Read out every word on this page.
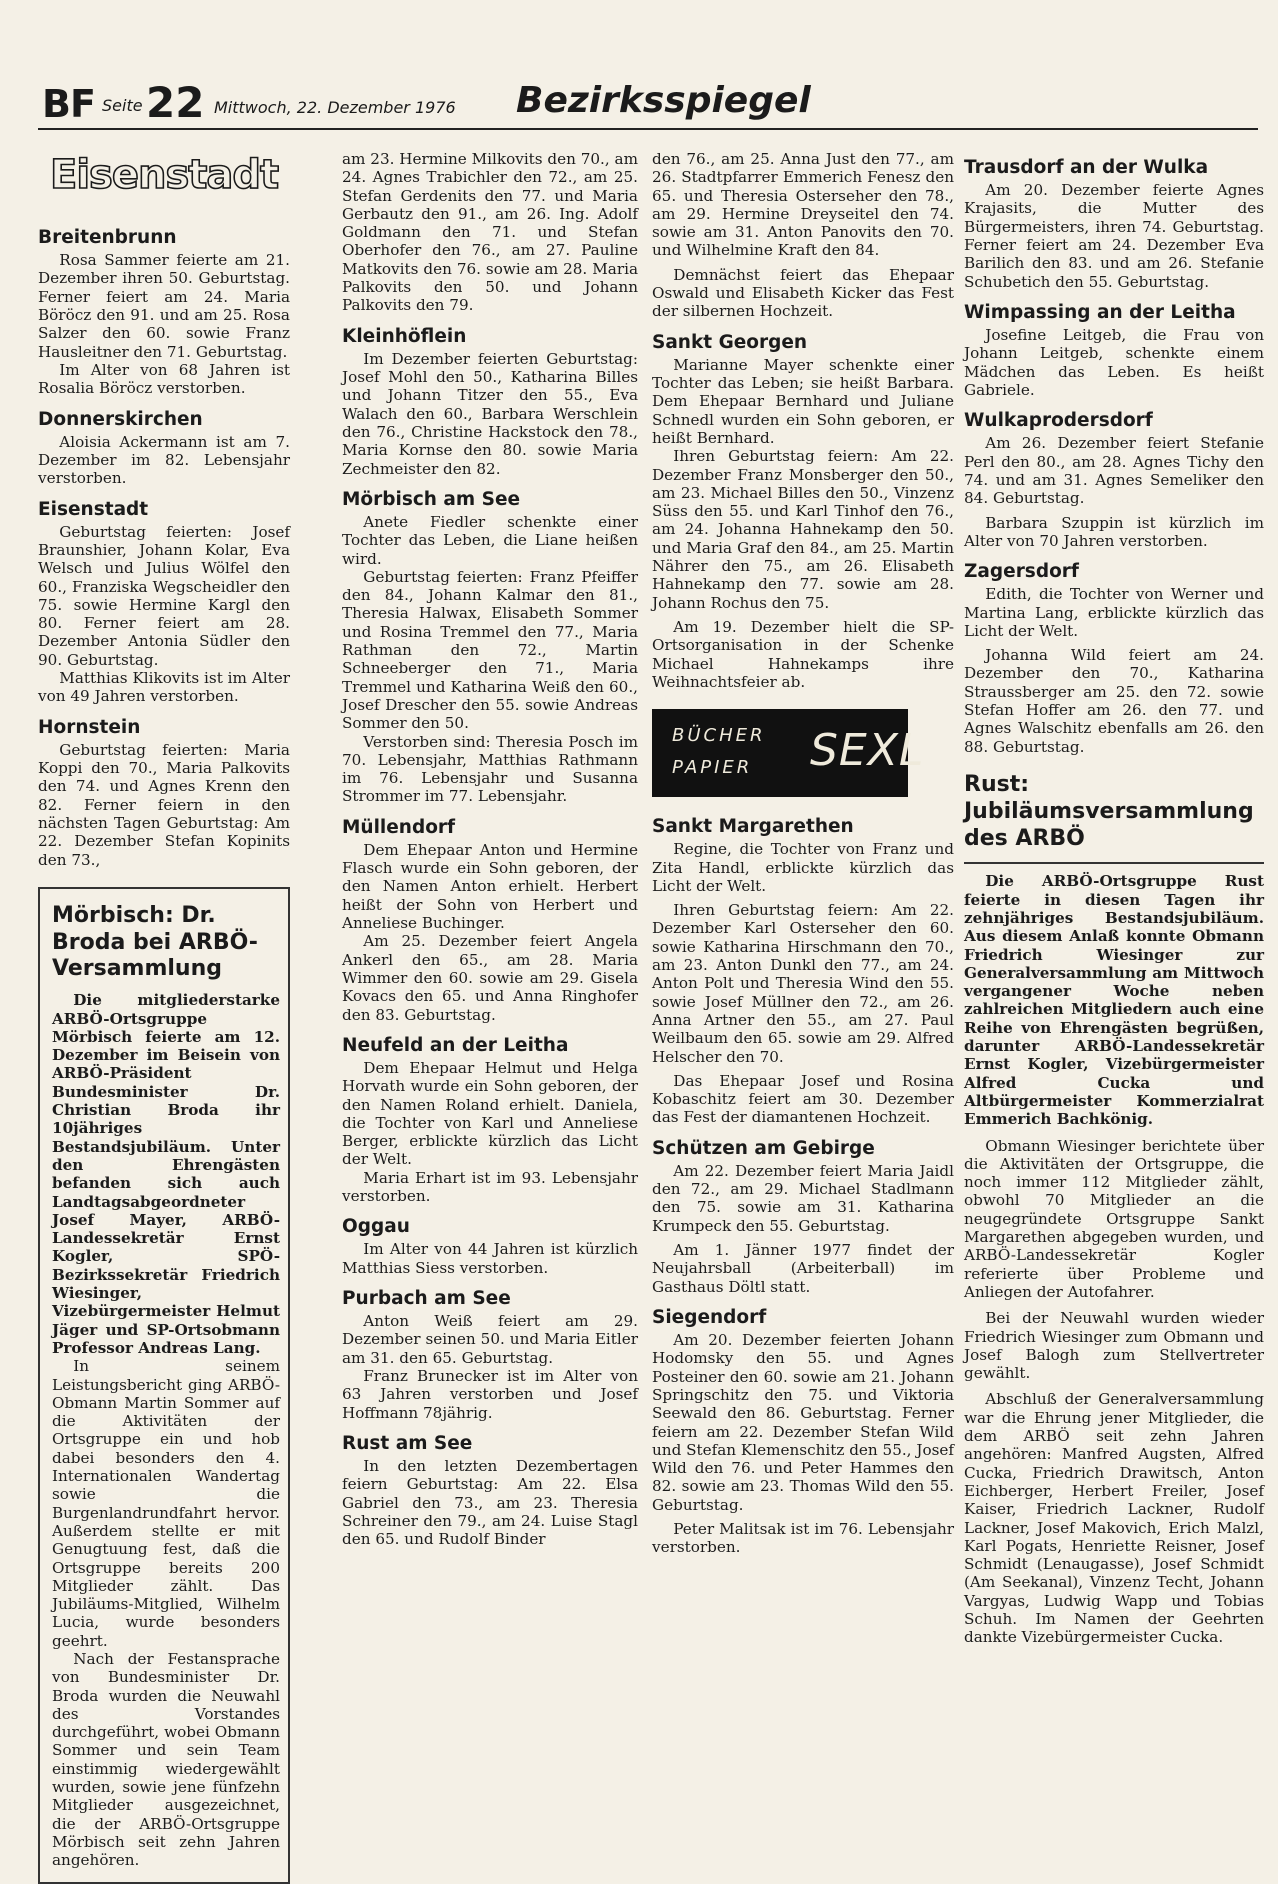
BF Seite 22 Mittwoch, 22. Dezember 1976 Bezirksspiegel
Eisenstadt
Breitenbrunn

Rosa Sammer feierte am 21. Dezember ihren 50. Geburtstag. Ferner feiert am 24. Maria Böröcz den 91. und am 25. Rosa Salzer den 60. sowie Franz Hausleitner den 71. Geburtstag.

Im Alter von 68 Jahren ist Rosalia Böröcz verstorben.

Donnerskirchen

Aloisia Ackermann ist am 7. Dezember im 82. Lebensjahr verstorben.

Eisenstadt

Geburtstag feierten: Josef Braunshier, Johann Kolar, Eva Welsch und Julius Wölfel den 60., Franziska Wegscheidler den 75. sowie Hermine Kargl den 80. Ferner feiert am 28. Dezember Antonia Südler den 90. Geburtstag.

Matthias Klikovits ist im Alter von 49 Jahren verstorben.

Hornstein

Geburtstag feierten: Maria Koppi den 70., Maria Palkovits den 74. und Agnes Krenn den 82. Ferner feiern in den nächsten Tagen Geburtstag: Am 22. Dezember Stefan Kopinits den 73.,

Mörbisch: Dr. Broda bei ARBÖ-Versammlung

Die mitgliederstarke ARBÖ-Ortsgruppe Mörbisch feierte am 12. Dezember im Beisein von ARBÖ-Präsident Bundesminister Dr. Christian Broda ihr 10jähriges Bestandsjubiläum. Unter den Ehrengästen befanden sich auch Landtagsabgeordneter Josef Mayer, ARBÖ-Landessekretär Ernst Kogler, SPÖ-Bezirkssekretär Friedrich Wiesinger, Vizebürgermeister Helmut Jäger und SP-Ortsobmann Professor Andreas Lang.

In seinem Leistungsbericht ging ARBÖ-Obmann Martin Sommer auf die Aktivitäten der Ortsgruppe ein und hob dabei besonders den 4. Internationalen Wandertag sowie die Burgenlandrundfahrt hervor. Außerdem stellte er mit Genugtuung fest, daß die Ortsgruppe bereits 200 Mitglieder zählt. Das Jubiläums-Mitglied, Wilhelm Lucia, wurde besonders geehrt.

Nach der Festansprache von Bundesminister Dr. Broda wurden die Neuwahl des Vorstandes durchgeführt, wobei Obmann Sommer und sein Team einstimmig wiedergewählt wurden, sowie jene fünfzehn Mitglieder ausgezeichnet, die der ARBÖ-Ortsgruppe Mörbisch seit zehn Jahren angehören.

am 23. Hermine Milkovits den 70., am 24. Agnes Trabichler den 72., am 25. Stefan Gerdenits den 77. und Maria Gerbautz den 91., am 26. Ing. Adolf Goldmann den 71. und Stefan Oberhofer den 76., am 27. Pauline Matkovits den 76. sowie am 28. Maria Palkovits den 50. und Johann Palkovits den 79.

Kleinhöflein

Im Dezember feierten Geburtstag: Josef Mohl den 50., Katharina Billes und Johann Titzer den 55., Eva Walach den 60., Barbara Werschlein den 76., Christine Hackstock den 78., Maria Kornse den 80. sowie Maria Zechmeister den 82.

Mörbisch am See

Anete Fiedler schenkte einer Tochter das Leben, die Liane heißen wird.

Geburtstag feierten: Franz Pfeiffer den 84., Johann Kalmar den 81., Theresia Halwax, Elisabeth Sommer und Rosina Tremmel den 77., Maria Rathman den 72., Martin Schneeberger den 71., Maria Tremmel und Katharina Weiß den 60., Josef Drescher den 55. sowie Andreas Sommer den 50.

Verstorben sind: Theresia Posch im 70. Lebensjahr, Matthias Rathmann im 76. Lebensjahr und Susanna Strommer im 77. Lebensjahr.

Müllendorf

Dem Ehepaar Anton und Hermine Flasch wurde ein Sohn geboren, der den Namen Anton erhielt. Herbert heißt der Sohn von Herbert und Anneliese Buchinger.

Am 25. Dezember feiert Angela Ankerl den 65., am 28. Maria Wimmer den 60. sowie am 29. Gisela Kovacs den 65. und Anna Ringhofer den 83. Geburtstag.

Neufeld an der Leitha

Dem Ehepaar Helmut und Helga Horvath wurde ein Sohn geboren, der den Namen Roland erhielt. Daniela, die Tochter von Karl und Anneliese Berger, erblickte kürzlich das Licht der Welt.

Maria Erhart ist im 93. Lebensjahr verstorben.

Oggau

Im Alter von 44 Jahren ist kürzlich Matthias Siess verstorben.

Purbach am See

Anton Weiß feiert am 29. Dezember seinen 50. und Maria Eitler am 31. den 65. Geburtstag.

Franz Brunecker ist im Alter von 63 Jahren verstorben und Josef Hoffmann 78jährig.

Rust am See

In den letzten Dezembertagen feiern Geburtstag: Am 22. Elsa Gabriel den 73., am 23. Theresia Schreiner den 79., am 24. Luise Stagl den 65. und Rudolf Binder

den 76., am 25. Anna Just den 77., am 26. Stadtpfarrer Emmerich Fenesz den 65. und Theresia Osterseher den 78., am 29. Hermine Dreyseitel den 74. sowie am 31. Anton Panovits den 70. und Wilhelmine Kraft den 84.

Demnächst feiert das Ehepaar Oswald und Elisabeth Kicker das Fest der silbernen Hochzeit.

Sankt Georgen

Marianne Mayer schenkte einer Tochter das Leben; sie heißt Barbara. Dem Ehepaar Bernhard und Juliane Schnedl wurden ein Sohn geboren, er heißt Bernhard.

Ihren Geburtstag feiern: Am 22. Dezember Franz Monsberger den 50., am 23. Michael Billes den 50., Vinzenz Süss den 55. und Karl Tinhof den 76., am 24. Johanna Hahnekamp den 50. und Maria Graf den 84., am 25. Martin Nährer den 75., am 26. Elisabeth Hahnekamp den 77. sowie am 28. Johann Rochus den 75.

Am 19. Dezember hielt die SP-Ortsorganisation in der Schenke Michael Hahnekamps ihre Weihnachtsfeier ab.

BÜCHER
PAPIER SEXL
Sankt Margarethen

Regine, die Tochter von Franz und Zita Handl, erblickte kürzlich das Licht der Welt.

Ihren Geburtstag feiern: Am 22. Dezember Karl Osterseher den 60. sowie Katharina Hirschmann den 70., am 23. Anton Dunkl den 77., am 24. Anton Polt und Theresia Wind den 55. sowie Josef Müllner den 72., am 26. Anna Artner den 55., am 27. Paul Weilbaum den 65. sowie am 29. Alfred Helscher den 70.

Das Ehepaar Josef und Rosina Kobaschitz feiert am 30. Dezember das Fest der diamantenen Hochzeit.

Schützen am Gebirge

Am 22. Dezember feiert Maria Jaidl den 72., am 29. Michael Stadlmann den 75. sowie am 31. Katharina Krumpeck den 55. Geburtstag.

Am 1. Jänner 1977 findet der Neujahrsball (Arbeiterball) im Gasthaus Döltl statt.

Siegendorf

Am 20. Dezember feierten Johann Hodomsky den 55. und Agnes Posteiner den 60. sowie am 21. Johann Springschitz den 75. und Viktoria Seewald den 86. Geburtstag. Ferner feiern am 22. Dezember Stefan Wild und Stefan Klemenschitz den 55., Josef Wild den 76. und Peter Hammes den 82. sowie am 23. Thomas Wild den 55. Geburtstag.

Peter Malitsak ist im 76. Lebensjahr verstorben.

Trausdorf an der Wulka

Am 20. Dezember feierte Agnes Krajasits, die Mutter des Bürgermeisters, ihren 74. Geburtstag. Ferner feiert am 24. Dezember Eva Barilich den 83. und am 26. Stefanie Schubetich den 55. Geburtstag.

Wimpassing an der Leitha

Josefine Leitgeb, die Frau von Johann Leitgeb, schenkte einem Mädchen das Leben. Es heißt Gabriele.

Wulkaprodersdorf

Am 26. Dezember feiert Stefanie Perl den 80., am 28. Agnes Tichy den 74. und am 31. Agnes Semeliker den 84. Geburtstag.

Barbara Szuppin ist kürzlich im Alter von 70 Jahren verstorben.

Zagersdorf

Edith, die Tochter von Werner und Martina Lang, erblickte kürzlich das Licht der Welt.

Johanna Wild feiert am 24. Dezember den 70., Katharina Straussberger am 25. den 72. sowie Stefan Hoffer am 26. den 77. und Agnes Walschitz ebenfalls am 26. den 88. Geburtstag.

Rust: Jubiläumsversammlung des ARBÖ

Die ARBÖ-Ortsgruppe Rust feierte in diesen Tagen ihr zehnjähriges Bestandsjubiläum. Aus diesem Anlaß konnte Obmann Friedrich Wiesinger zur Generalversammlung am Mittwoch vergangener Woche neben zahlreichen Mitgliedern auch eine Reihe von Ehrengästen begrüßen, darunter ARBÖ-Landessekretär Ernst Kogler, Vizebürgermeister Alfred Cucka und Altbürgermeister Kommerzialrat Emmerich Bachkönig.

Obmann Wiesinger berichtete über die Aktivitäten der Ortsgruppe, die noch immer 112 Mitglieder zählt, obwohl 70 Mitglieder an die neugegründete Ortsgruppe Sankt Margarethen abgegeben wurden, und ARBÖ-Landessekretär Kogler referierte über Probleme und Anliegen der Autofahrer.

Bei der Neuwahl wurden wieder Friedrich Wiesinger zum Obmann und Josef Balogh zum Stellvertreter gewählt.

Abschluß der Generalversammlung war die Ehrung jener Mitglieder, die dem ARBÖ seit zehn Jahren angehören: Manfred Augsten, Alfred Cucka, Friedrich Drawitsch, Anton Eichberger, Herbert Freiler, Josef Kaiser, Friedrich Lackner, Rudolf Lackner, Josef Makovich, Erich Malzl, Karl Pogats, Henriette Reisner, Josef Schmidt (Lenaugasse), Josef Schmidt (Am Seekanal), Vinzenz Techt, Johann Vargyas, Ludwig Wapp und Tobias Schuh. Im Namen der Geehrten dankte Vizebürgermeister Cucka.
